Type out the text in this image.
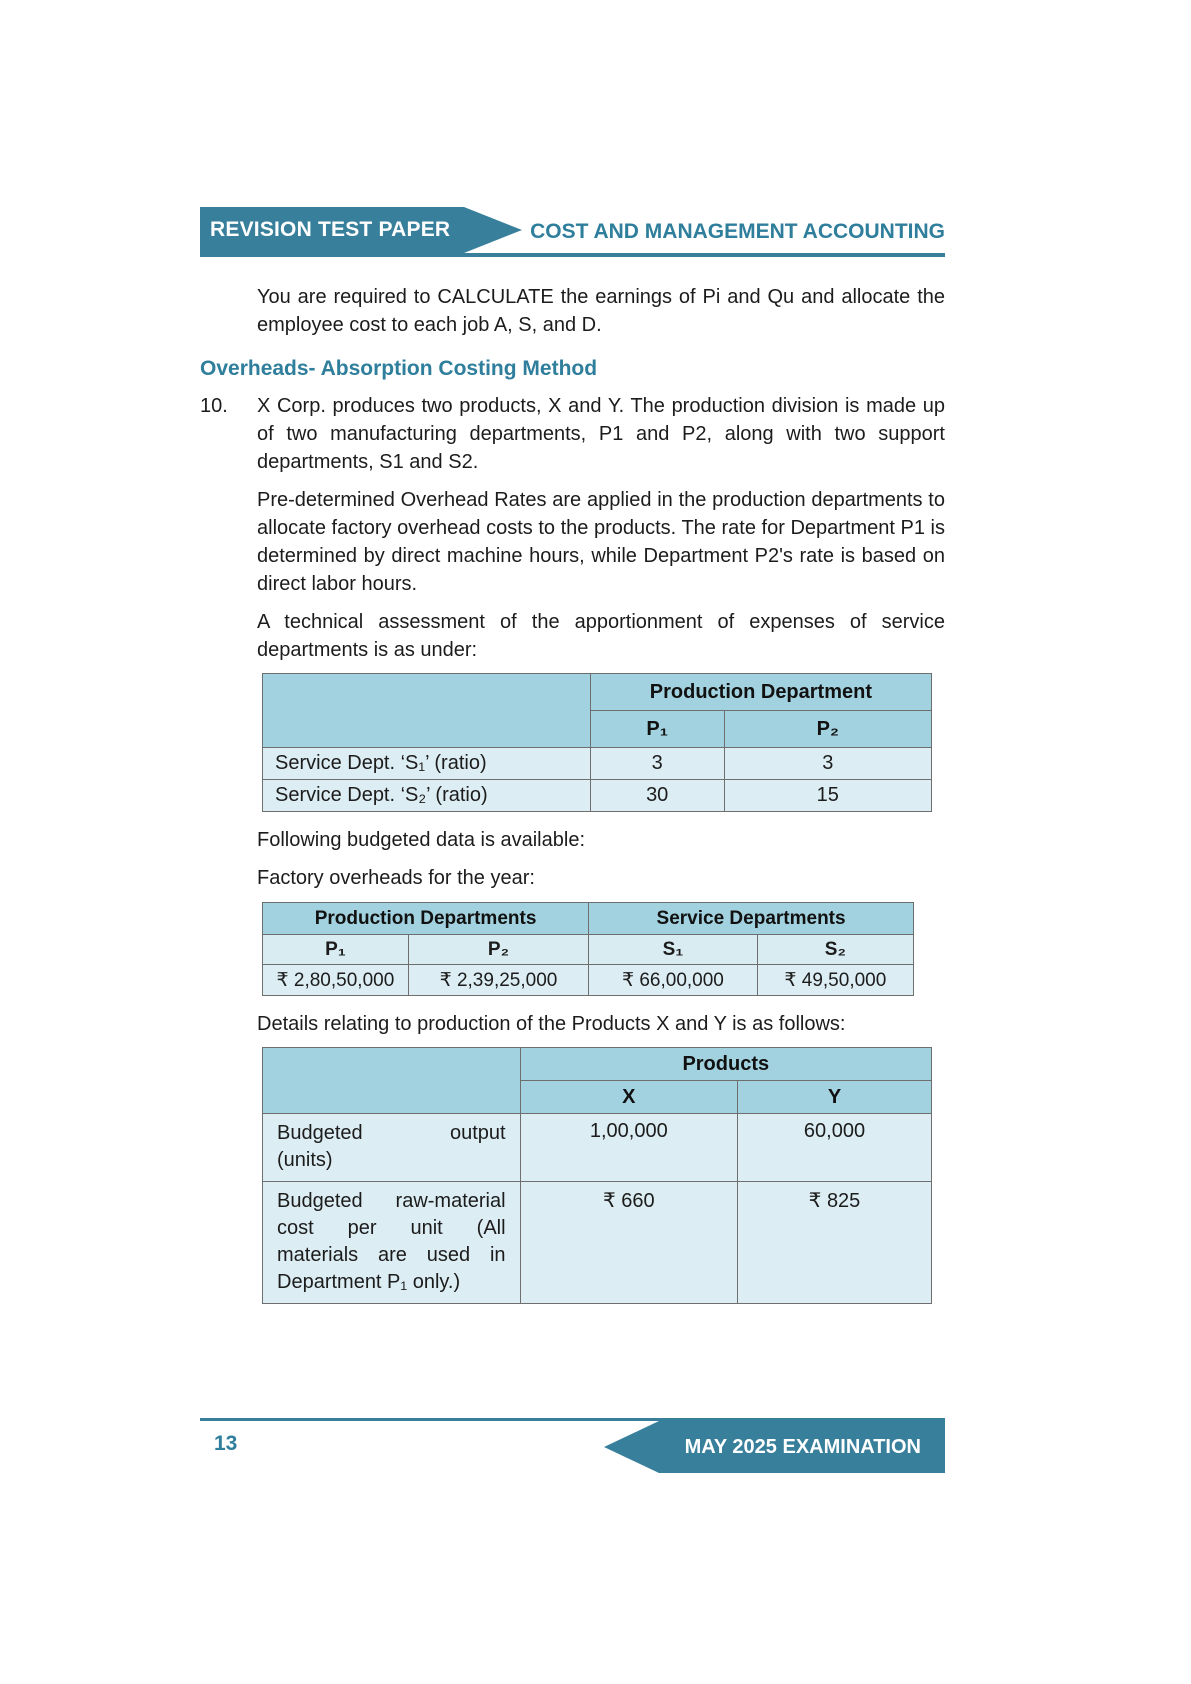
REVISION TEST PAPER	COST AND MANAGEMENT ACCOUNTING

You are required to CALCULATE the earnings of Pi and Qu and allocate the employee cost to each job A, S, and D.

Overheads- Absorption Costing Method
10.	X Corp. produces two products, X and Y. The production division is made up of two manufacturing departments, P1 and P2, along with two support departments, S1 and S2.

Pre-determined Overhead Rates are applied in the production departments to allocate factory overhead costs to the products. The rate for Department P1 is determined by direct machine hours, while Department P2's rate is based on direct labor hours.

A technical assessment of the apportionment of expenses of service departments is as under:

	Production Department	
	P₁	P₂
Service Dept. ‘S₁’ (ratio)	3	3
Service Dept. ‘S₂’ (ratio)	30	15

Following budgeted data is available:

Factory overheads for the year:

Production Departments		Service Departments	
P₁	P₂	S₁	S₂
₹ 2,80,50,000	₹ 2,39,25,000	₹ 66,00,000	₹ 49,50,000

Details relating to production of the Products X and Y is as follows:

	Products	
	X	Y

Budgeted output
(units)	1,00,000	60,000
Budgeted raw-material cost per unit (All materials are used in Department P₁ only.)	₹ 660	₹ 825
13	MAY 2025 EXAMINATION
